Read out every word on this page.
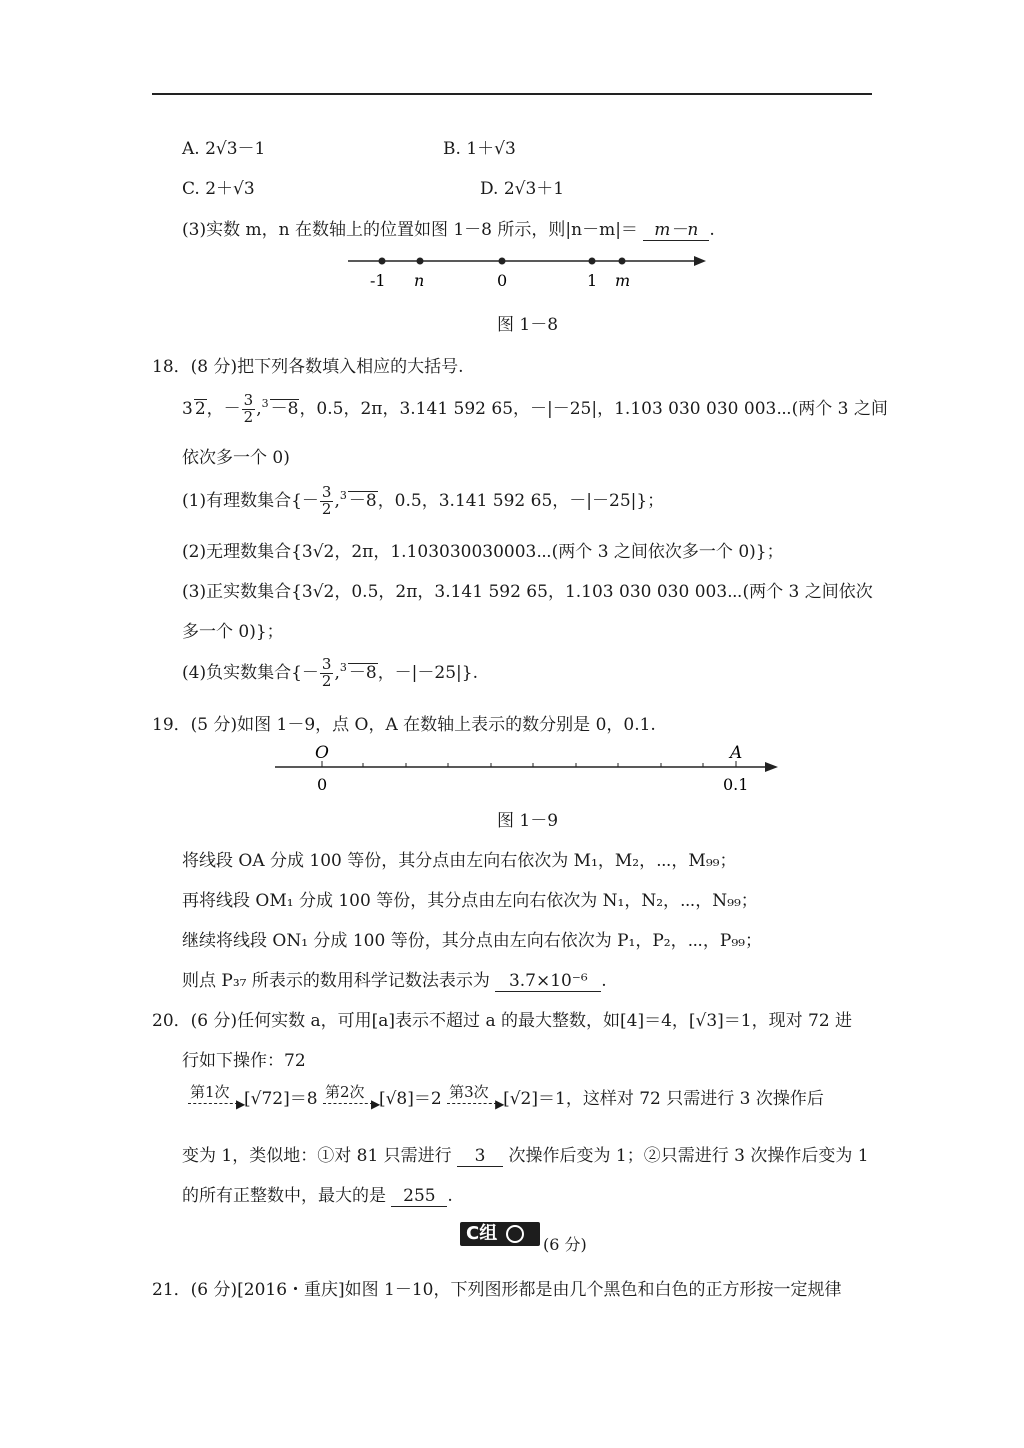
A. 2√3－1	B. 1＋√3
C. 2＋√3	D. 2√3＋1
(3)实数 m，n 在数轴上的位置如图 1－8 所示，则|n－m|＝ m－n .
-1 n	0	1 m
图 1－8
18．(8 分)把下列各数填入相应的大括号.
3 2，－ $\frac{3}{2} ,^3 -8$，0.5，2π，3.141 592 65，－|－25|，1.103 030 030 003⋯(两个 3 之间
依次多一个 0)
(1)有理数集合{－ $\frac{3}{2} ,^3 -8$，0.5，3.141 592 65，－|－25|}；
(2)无理数集合{3√2，2π，1.103030030003⋯(两个 3 之间依次多一个 0)}；
(3)正实数集合{3√2，0.5，2π，3.141 592 65，1.103 030 030 003⋯(两个 3 之间依次
多一个 0)}；
(4)负实数集合{－ $\frac{3}{2} ,^3 -8$，－|－25|}.
19．(5 分)如图 1－9，点 O，A 在数轴上表示的数分别是 0，0.1.
O	A
0	0.1
图 1－9
将线段 OA 分成 100 等份，其分点由左向右依次为 M₁，M₂，⋯，M₉₉；
再将线段 OM₁ 分成 100 等份，其分点由左向右依次为 N₁，N₂，⋯，N₉₉；
继续将线段 ON₁ 分成 100 等份，其分点由左向右依次为 P₁，P₂，⋯，P₉₉；
则点 P₃₇ 所表示的数用科学记数法表示为 3.7×10⁻⁶ .
20．(6 分)任何实数 a，可用[a]表示不超过 a 的最大整数，如[4]＝4，[√3]＝1，现对 72 进
行如下操作：72
第1次
▶
[√72]＝8 第2次
▶
[√8]＝2 第3次
▶
[√2]＝1，这样对 72 只需进行 3 次操作后
变为 1，类似地：①对 81 只需进行 3 次操作后变为 1；②只需进行 3 次操作后变为 1
的所有正整数中，最大的是 255 .
C组
(6 分)
21．(6 分)[2016・重庆]如图 1－10，下列图形都是由几个黑色和白色的正方形按一定规律
